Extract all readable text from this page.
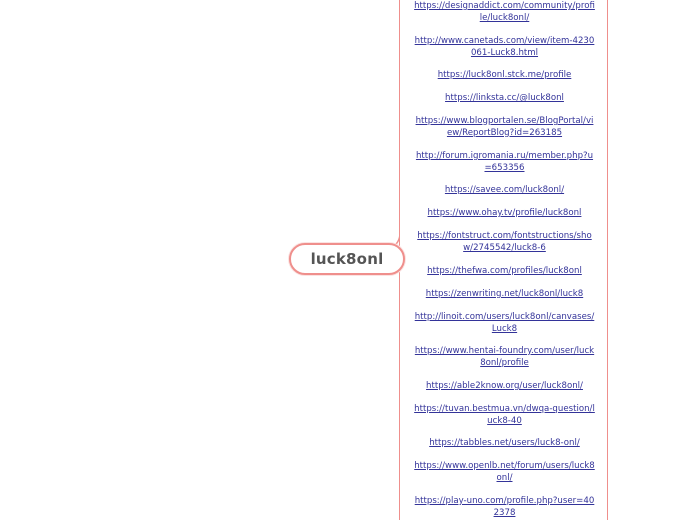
https://designaddict.com/community/profile/luck8onl/
http://www.canetads.com/view/item-4230061-Luck8.html
https://luck8onl.stck.me/profile
https://linksta.cc/@luck8onl
https://www.blogportalen.se/BlogPortal/view/ReportBlog?id=263185
http://forum.igromania.ru/member.php?u=653356
https://savee.com/luck8onl/
https://www.ohay.tv/profile/luck8onl
https://fontstruct.com/fontstructions/show/2745542/luck8-6
https://thefwa.com/profiles/luck8onl
https://zenwriting.net/luck8onl/luck8
http://linoit.com/users/luck8onl/canvases/Luck8
https://www.hentai-foundry.com/user/luck8onl/profile
https://able2know.org/user/luck8onl/
https://tuvan.bestmua.vn/dwqa-question/luck8-40
https://tabbles.net/users/luck8-onl/
https://www.openlb.net/forum/users/luck8onl/
https://play-uno.com/profile.php?user=402378
luck8onl
